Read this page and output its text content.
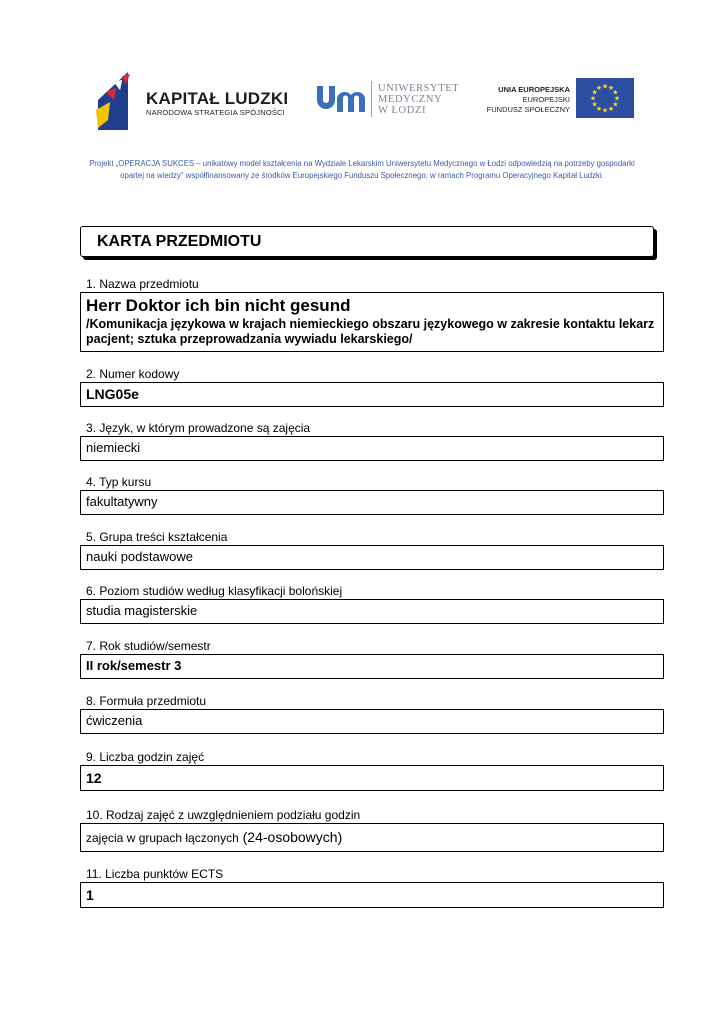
KAPITAŁ LUDZKI
NARODOWA STRATEGIA SPÓJNOŚCI
UNIWERSYTET
MEDYCZNY
W ŁODZI
UNIA EUROPEJSKA
EUROPEJSKI
FUNDUSZ SPOŁECZNY
★
★
★
★
★
★
★
★
★ ★ ★
★
Projekt „OPERACJA SUKCES – unikatowy model kształcenia na Wydziale Lekarskim Uniwersytetu Medycznego w Łodzi odpowiedzią na potrzeby gospodarki opartej na wiedzy” współfinansowany ze środków Europejskiego Funduszu Społecznego, w ramach Programu Operacyjnego Kapitał Ludzki.
KARTA PRZEDMIOTU
1. Nazwa przedmiotu
Herr Doktor ich bin nicht gesund
/Komunikacja językowa w krajach niemieckiego obszaru językowego w zakresie kontaktu lekarz pacjent; sztuka przeprowadzania wywiadu lekarskiego/
2. Numer kodowy
LNG05e
3. Język, w którym prowadzone są zajęcia
niemiecki
4. Typ kursu
fakultatywny
5. Grupa treści kształcenia
nauki podstawowe
6. Poziom studiów według klasyfikacji bolońskiej
studia magisterskie
7. Rok studiów/semestr
II rok/semestr 3
8. Formuła przedmiotu
ćwiczenia
9. Liczba godzin zajęć
12
10. Rodzaj zajęć z uwzględnieniem podziału godzin
zajęcia w grupach łączonych (24-osobowych)
11. Liczba punktów ECTS
1
